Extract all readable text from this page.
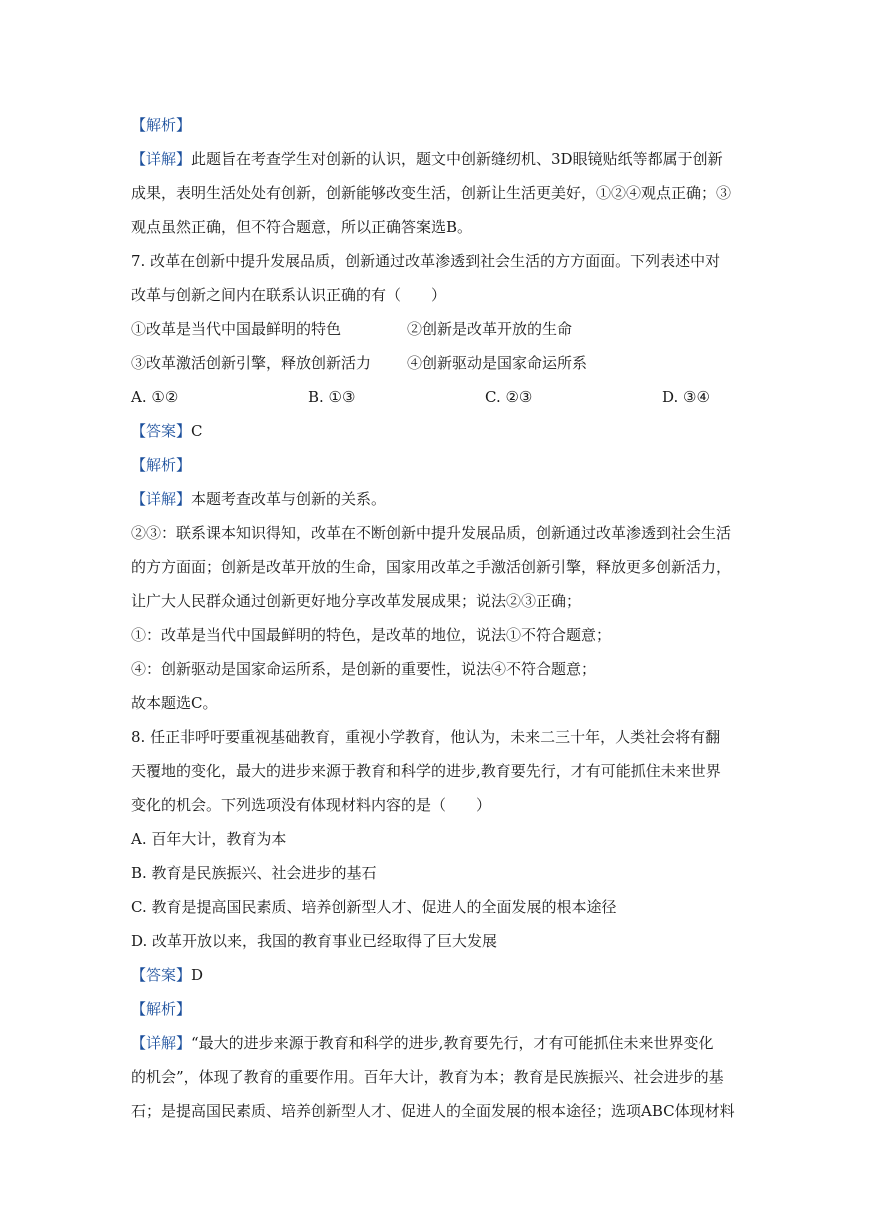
【解析】
【详解】此题旨在考查学生对创新的认识，题文中创新缝纫机、3D眼镜贴纸等都属于创新
成果，表明生活处处有创新，创新能够改变生活，创新让生活更美好，①②④观点正确；③
观点虽然正确，但不符合题意，所以正确答案选B。
7. 改革在创新中提升发展品质，创新通过改革渗透到社会生活的方方面面。下列表述中对
改革与创新之间内在联系认识正确的有（　　）
①改革是当代中国最鲜明的特色	②创新是改革开放的生命
③改革激活创新引擎，释放创新活力	④创新驱动是国家命运所系
A. ①②	B. ①③	C. ②③	D. ③④
【答案】C
【解析】
【详解】本题考查改革与创新的关系。
②③：联系课本知识得知，改革在不断创新中提升发展品质，创新通过改革渗透到社会生活
的方方面面；创新是改革开放的生命，国家用改革之手激活创新引擎，释放更多创新活力，
让广大人民群众通过创新更好地分享改革发展成果；说法②③正确；
①：改革是当代中国最鲜明的特色，是改革的地位，说法①不符合题意；
④：创新驱动是国家命运所系，是创新的重要性，说法④不符合题意；
故本题选C。
8. 任正非呼吁要重视基础教育，重视小学教育，他认为，未来二三十年，人类社会将有翻
天覆地的变化，最大的进步来源于教育和科学的进步,教育要先行，才有可能抓住未来世界
变化的机会。下列选项没有体现材料内容的是（　　）
A. 百年大计，教育为本
B. 教育是民族振兴、社会进步的基石
C. 教育是提高国民素质、培养创新型人才、促进人的全面发展的根本途径
D. 改革开放以来，我国的教育事业已经取得了巨大发展
【答案】D
【解析】
【详解】“最大的进步来源于教育和科学的进步,教育要先行，才有可能抓住未来世界变化
的机会”，体现了教育的重要作用。百年大计，教育为本；教育是民族振兴、社会进步的基
石；是提高国民素质、培养创新型人才、促进人的全面发展的根本途径；选项ABC体现材料
